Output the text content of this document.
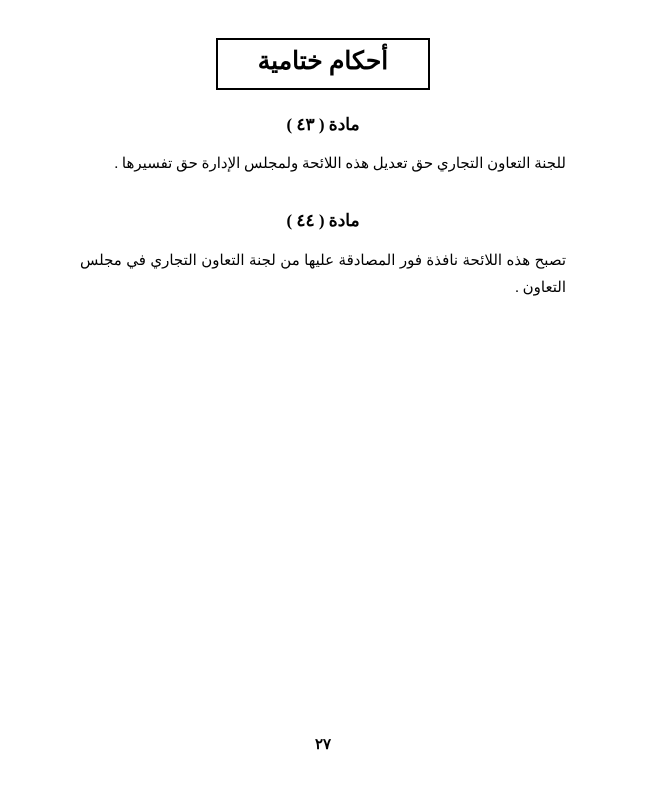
أحكام ختامية
مادة ( ٤٣ )

للجنة التعاون التجاري حق تعديل هذه اللائحة ولمجلس الإدارة حق تفسيرها .

مادة ( ٤٤ )

تصبح هذه اللائحة نافذة فور المصادقة عليها من لجنة التعاون التجاري في مجلس التعاون .

٢٧
